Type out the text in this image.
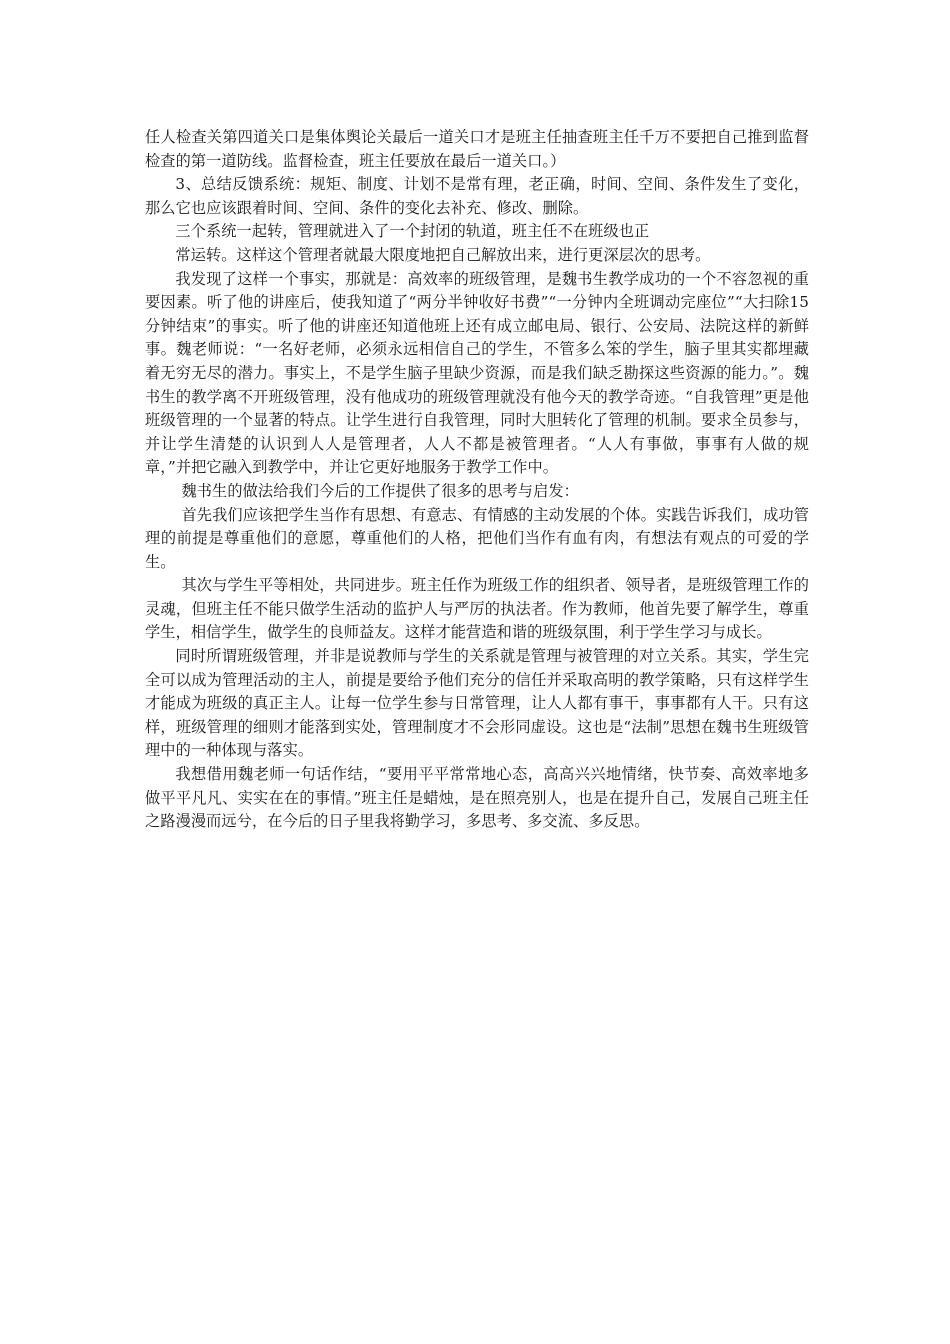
任人检查关第四道关口是集体舆论关最后一道关口才是班主任抽查班主任千万不要把自己推到监督检查的第一道防线。监督检查，班主任要放在最后一道关口。）

3、总结反馈系统：规矩、制度、计划不是常有理，老正确，时间、空间、条件发生了变化，那么它也应该跟着时间、空间、条件的变化去补充、修改、删除。

三个系统一起转，管理就进入了一个封闭的轨道，班主任不在班级也正

常运转。这样这个管理者就最大限度地把自己解放出来，进行更深层次的思考。

我发现了这样一个事实，那就是：高效率的班级管理，是魏书生教学成功的一个不容忽视的重要因素。听了他的讲座后，使我知道了“两分半钟收好书费”“一分钟内全班调动完座位”“大扫除15分钟结束”的事实。听了他的讲座还知道他班上还有成立邮电局、银行、公安局、法院这样的新鲜事。魏老师说：“一名好老师，必须永远相信自己的学生，不管多么笨的学生，脑子里其实都埋藏着无穷无尽的潜力。事实上，不是学生脑子里缺少资源，而是我们缺乏勘探这些资源的能力。”。魏书生的教学离不开班级管理，没有他成功的班级管理就没有他今天的教学奇迹。“自我管理”更是他班级管理的一个显著的特点。让学生进行自我管理，同时大胆转化了管理的机制。要求全员参与，并让学生清楚的认识到人人是管理者，人人不都是被管理者。“人人有事做，事事有人做的规章，”并把它融入到教学中，并让它更好地服务于教学工作中。

魏书生的做法给我们今后的工作提供了很多的思考与启发：

首先我们应该把学生当作有思想、有意志、有情感的主动发展的个体。实践告诉我们，成功管理的前提是尊重他们的意愿，尊重他们的人格，把他们当作有血有肉，有想法有观点的可爱的学生。

其次与学生平等相处，共同进步。班主任作为班级工作的组织者、领导者，是班级管理工作的灵魂，但班主任不能只做学生活动的监护人与严厉的执法者。作为教师，他首先要了解学生，尊重学生，相信学生，做学生的良师益友。这样才能营造和谐的班级氛围，利于学生学习与成长。

同时所谓班级管理，并非是说教师与学生的关系就是管理与被管理的对立关系。其实，学生完全可以成为管理活动的主人，前提是要给予他们充分的信任并采取高明的教学策略，只有这样学生才能成为班级的真正主人。让每一位学生参与日常管理，让人人都有事干，事事都有人干。只有这样，班级管理的细则才能落到实处，管理制度才不会形同虚设。这也是“法制”思想在魏书生班级管理中的一种体现与落实。

我想借用魏老师一句话作结，“要用平平常常地心态，高高兴兴地情绪，快节奏、高效率地多做平平凡凡、实实在在的事情。”班主任是蜡烛，是在照亮别人，也是在提升自己，发展自己班主任之路漫漫而远兮，在今后的日子里我将勤学习，多思考、多交流、多反思。
